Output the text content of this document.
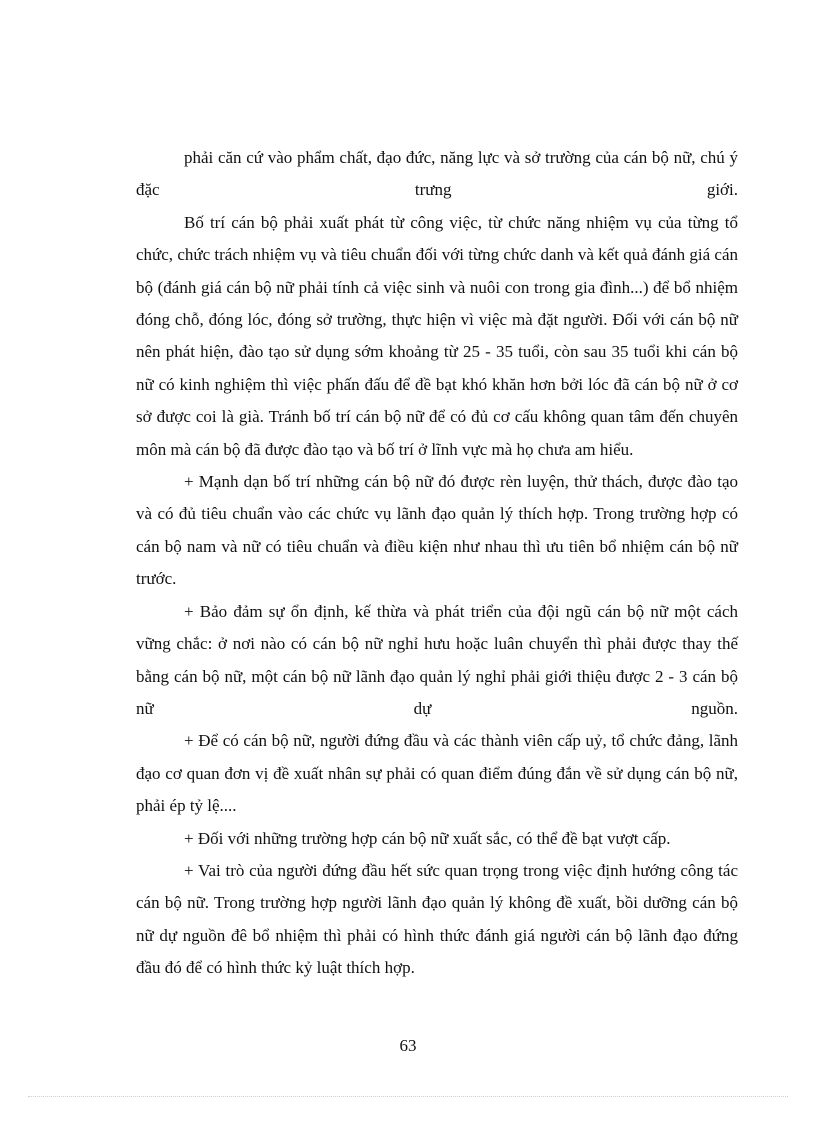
phải căn cứ vào phẩm chất, đạo đức, năng lực và sở trường của cán bộ nữ, chú ý đặc trưng giới.

Bố trí cán bộ phải xuất phát từ công việc, từ chức năng nhiệm vụ của từng tổ chức, chức trách nhiệm vụ và tiêu chuẩn đối với từng chức danh và kết quả đánh giá cán bộ (đánh giá cán bộ nữ phải tính cả việc sinh và nuôi con trong gia đình...) để bổ nhiệm đóng chỗ, đóng lóc, đóng sở trường, thực hiện vì việc mà đặt người. Đối với cán bộ nữ nên phát hiện, đào tạo sử dụng sớm khoảng từ 25 - 35 tuổi, còn sau 35 tuổi khi cán bộ nữ có kinh nghiệm thì việc phấn đấu để đề bạt khó khăn hơn bởi lóc đã cán bộ nữ ở cơ sở được coi là già. Tránh bố trí cán bộ nữ để có đủ cơ cấu không quan tâm đến chuyên môn mà cán bộ đã được đào tạo và bố trí ở lĩnh vực mà họ chưa am hiểu.

+ Mạnh dạn bố trí những cán bộ nữ đó được rèn luyện, thử thách, được đào tạo và có đủ tiêu chuẩn vào các chức vụ lãnh đạo quản lý thích hợp. Trong trường hợp có cán bộ nam và nữ có tiêu chuẩn và điều kiện như nhau thì ưu tiên bổ nhiệm cán bộ nữ trước.

+ Bảo đảm sự ổn định, kế thừa và phát triển của đội ngũ cán bộ nữ một cách vững chắc: ở nơi nào có cán bộ nữ nghỉ hưu hoặc luân chuyển thì phải được thay thế bằng cán bộ nữ, một cán bộ nữ lãnh đạo quản lý nghỉ phải giới thiệu được 2 - 3 cán bộ nữ dự nguồn.

+ Để có cán bộ nữ, người đứng đầu và các thành viên cấp uỷ, tổ chức đảng, lãnh đạo cơ quan đơn vị đề xuất nhân sự phải có quan điểm đúng đắn về sử dụng cán bộ nữ, phải ép tỷ lệ....

+ Đối với những trường hợp cán bộ nữ xuất sắc, có thể đề bạt vượt cấp.

+ Vai trò của người đứng đầu hết sức quan trọng trong việc định hướng công tác cán bộ nữ. Trong trường hợp người lãnh đạo quản lý không đề xuất, bồi dưỡng cán bộ nữ dự nguồn đê bổ nhiệm thì phải có hình thức đánh giá người cán bộ lãnh đạo đứng đầu đó để có hình thức kỷ luật thích hợp.

63
